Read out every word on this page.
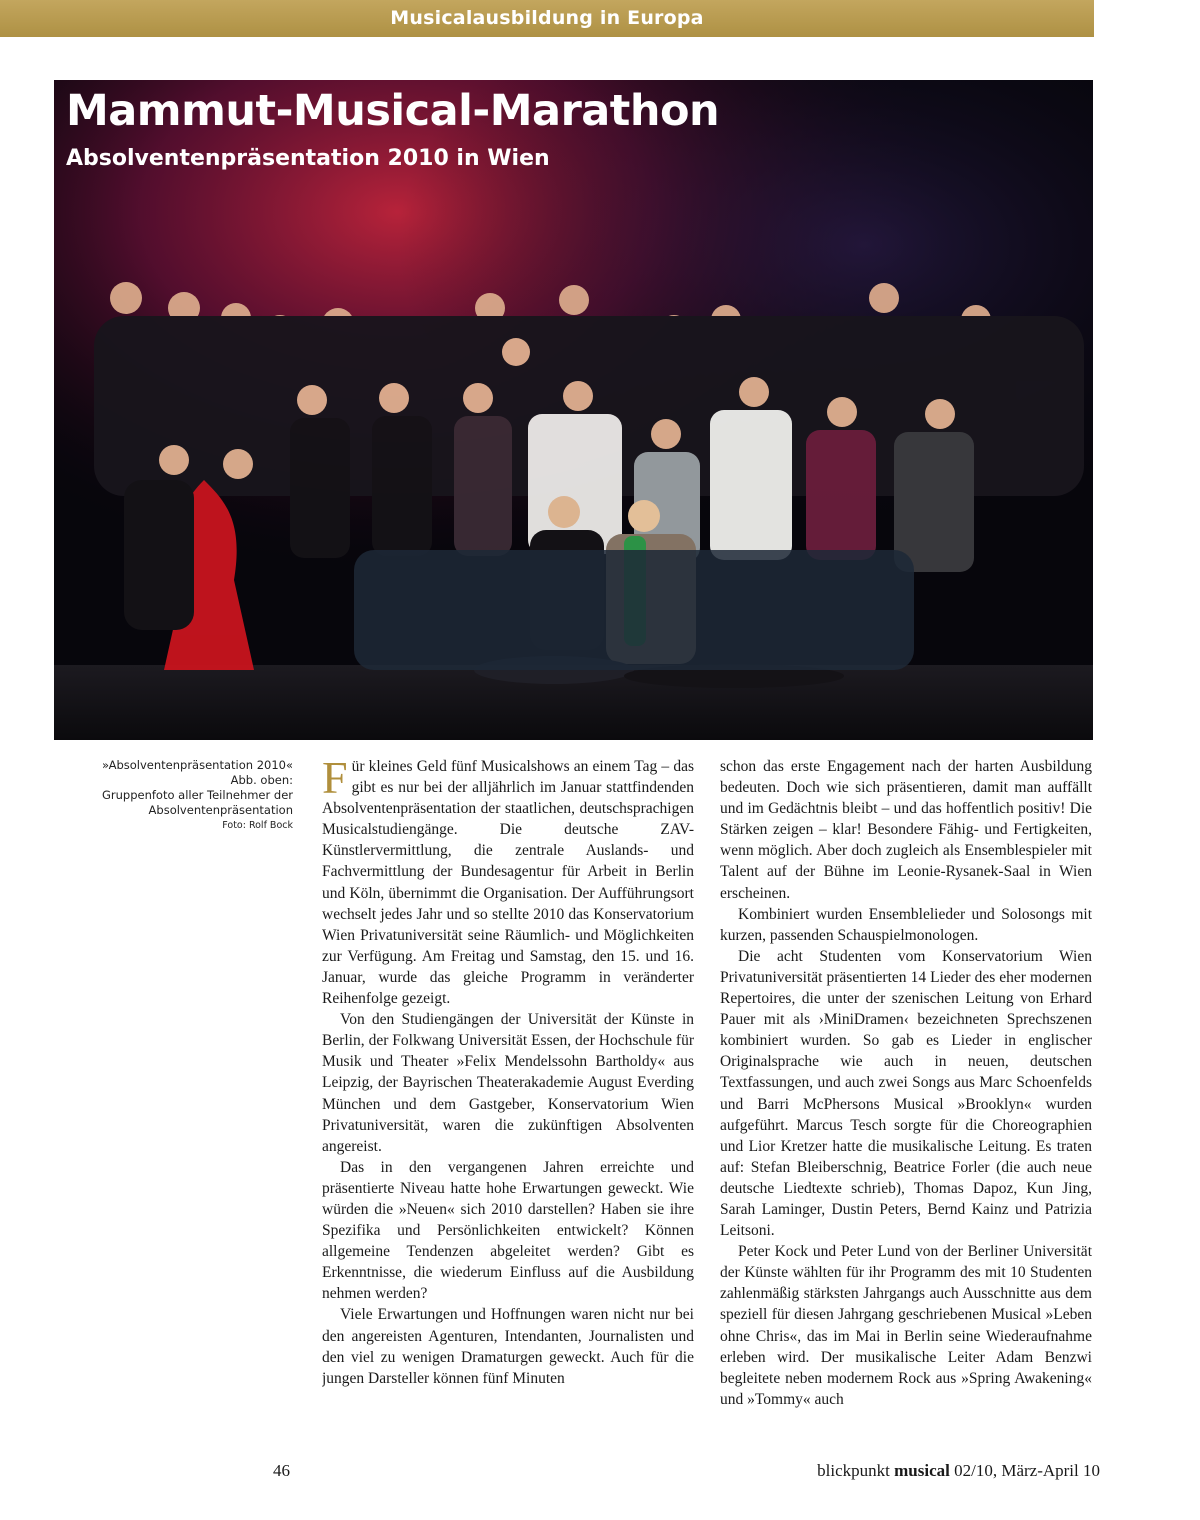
Musicalausbildung in Europa
Mammut-Musical-Marathon
Absolventenpräsentation 2010 in Wien
»Absolventenpräsentation 2010«
Abb. oben:
Gruppenfoto aller Teilnehmer der
Absolventenpräsentation
Foto: Rolf Bock

Für kleines Geld fünf Musicalshows an einem Tag – das gibt es nur bei der alljährlich im Januar stattfindenden Absolventenpräsentation der staatlichen, deutschsprachigen Musicalstudiengänge. Die deutsche ZAV-Künstlervermittlung, die zentrale Auslands- und Fachvermittlung der Bundesagentur für Arbeit in Berlin und Köln, übernimmt die Organisation. Der Aufführungsort wechselt jedes Jahr und so stellte 2010 das Konservatorium Wien Privatuniversität seine Räumlich- und Möglichkeiten zur Verfügung. Am Freitag und Samstag, den 15. und 16. Januar, wurde das gleiche Programm in veränderter Reihenfolge gezeigt.

Von den Studiengängen der Universität der Künste in Berlin, der Folkwang Universität Essen, der Hochschule für Musik und Theater »Felix Mendelssohn Bartholdy« aus Leipzig, der Bayrischen Theaterakademie August Everding München und dem Gastgeber, Konservatorium Wien Privatuniversität, waren die zukünftigen Absolventen angereist.

Das in den vergangenen Jahren erreichte und präsentierte Niveau hatte hohe Erwartungen geweckt. Wie würden die »Neuen« sich 2010 darstellen? Haben sie ihre Spezifika und Persönlichkeiten entwickelt? Können allgemeine Tendenzen abgeleitet werden? Gibt es Erkenntnisse, die wiederum Einfluss auf die Ausbildung nehmen werden?

Viele Erwartungen und Hoffnungen waren nicht nur bei den angereisten Agenturen, Intendanten, Journalisten und den viel zu wenigen Dramaturgen geweckt. Auch für die jungen Darsteller können fünf Minuten

schon das erste Engagement nach der harten Ausbildung bedeuten. Doch wie sich präsentieren, damit man auffällt und im Gedächtnis bleibt – und das hoffentlich positiv! Die Stärken zeigen – klar! Besondere Fähig- und Fertigkeiten, wenn möglich. Aber doch zugleich als Ensemblespieler mit Talent auf der Bühne im Leonie-Rysanek-Saal in Wien erscheinen.

Kombiniert wurden Ensemblelieder und Solosongs mit kurzen, passenden Schauspielmonologen.

Die acht Studenten vom Konservatorium Wien Privatuniversität präsentierten 14 Lieder des eher modernen Repertoires, die unter der szenischen Leitung von Erhard Pauer mit als ›MiniDramen‹ bezeichneten Sprechszenen kombiniert wurden. So gab es Lieder in englischer Originalsprache wie auch in neuen, deutschen Textfassungen, und auch zwei Songs aus Marc Schoenfelds und Barri McPhersons Musical »Brooklyn« wurden aufgeführt. Marcus Tesch sorgte für die Choreographien und Lior Kretzer hatte die musikalische Leitung. Es traten auf: Stefan Bleiberschnig, Beatrice Forler (die auch neue deutsche Liedtexte schrieb), Thomas Dapoz, Kun Jing, Sarah Laminger, Dustin Peters, Bernd Kainz und Patrizia Leitsoni.

Peter Kock und Peter Lund von der Berliner Universität der Künste wählten für ihr Programm des mit 10 Studenten zahlenmäßig stärksten Jahrgangs auch Ausschnitte aus dem speziell für diesen Jahrgang geschriebenen Musical »Leben ohne Chris«, das im Mai in Berlin seine Wiederaufnahme erleben wird. Der musikalische Leiter Adam Benzwi begleitete neben modernem Rock aus »Spring Awakening« und »Tommy« auch

46	blickpunkt musical 02/10, März-April 10
